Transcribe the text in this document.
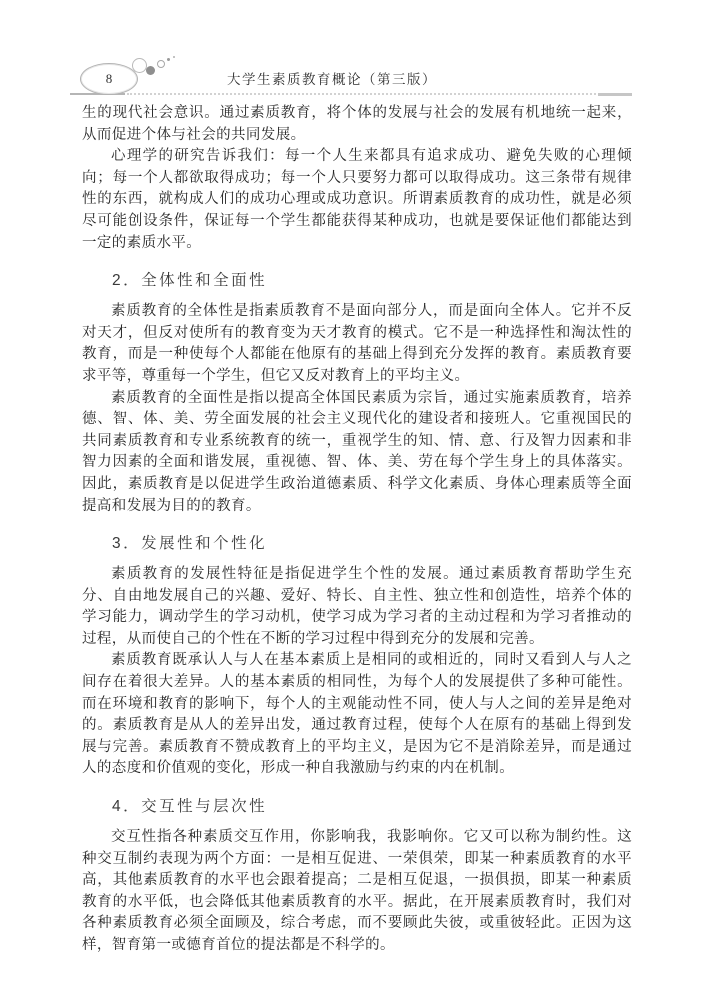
8	大学生素质教育概论（第三版）

生的现代社会意识。通过素质教育，将个体的发展与社会的发展有机地统一起来，从而促进个体与社会的共同发展。

心理学的研究告诉我们：每一个人生来都具有追求成功、避免失败的心理倾向；每一个人都欲取得成功；每一个人只要努力都可以取得成功。这三条带有规律性的东西，就构成人们的成功心理或成功意识。所谓素质教育的成功性，就是必须尽可能创设条件，保证每一个学生都能获得某种成功，也就是要保证他们都能达到一定的素质水平。

2．全体性和全面性

素质教育的全体性是指素质教育不是面向部分人，而是面向全体人。它并不反对天才，但反对使所有的教育变为天才教育的模式。它不是一种选择性和淘汰性的教育，而是一种使每个人都能在他原有的基础上得到充分发挥的教育。素质教育要求平等，尊重每一个学生，但它又反对教育上的平均主义。

素质教育的全面性是指以提高全体国民素质为宗旨，通过实施素质教育，培养德、智、体、美、劳全面发展的社会主义现代化的建设者和接班人。它重视国民的共同素质教育和专业系统教育的统一，重视学生的知、情、意、行及智力因素和非智力因素的全面和谐发展，重视德、智、体、美、劳在每个学生身上的具体落实。因此，素质教育是以促进学生政治道德素质、科学文化素质、身体心理素质等全面提高和发展为目的的教育。

3．发展性和个性化

素质教育的发展性特征是指促进学生个性的发展。通过素质教育帮助学生充分、自由地发展自己的兴趣、爱好、特长、自主性、独立性和创造性，培养个体的学习能力，调动学生的学习动机，使学习成为学习者的主动过程和为学习者推动的过程，从而使自己的个性在不断的学习过程中得到充分的发展和完善。

素质教育既承认人与人在基本素质上是相同的或相近的，同时又看到人与人之间存在着很大差异。人的基本素质的相同性，为每个人的发展提供了多种可能性。而在环境和教育的影响下，每个人的主观能动性不同，使人与人之间的差异是绝对的。素质教育是从人的差异出发，通过教育过程，使每个人在原有的基础上得到发展与完善。素质教育不赞成教育上的平均主义，是因为它不是消除差异，而是通过人的态度和价值观的变化，形成一种自我激励与约束的内在机制。

4．交互性与层次性

交互性指各种素质交互作用，你影响我，我影响你。它又可以称为制约性。这种交互制约表现为两个方面：一是相互促进、一荣俱荣，即某一种素质教育的水平高，其他素质教育的水平也会跟着提高；二是相互促退，一损俱损，即某一种素质教育的水平低，也会降低其他素质教育的水平。据此，在开展素质教育时，我们对各种素质教育必须全面顾及，综合考虑，而不要顾此失彼，或重彼轻此。正因为这样，智育第一或德育首位的提法都是不科学的。
